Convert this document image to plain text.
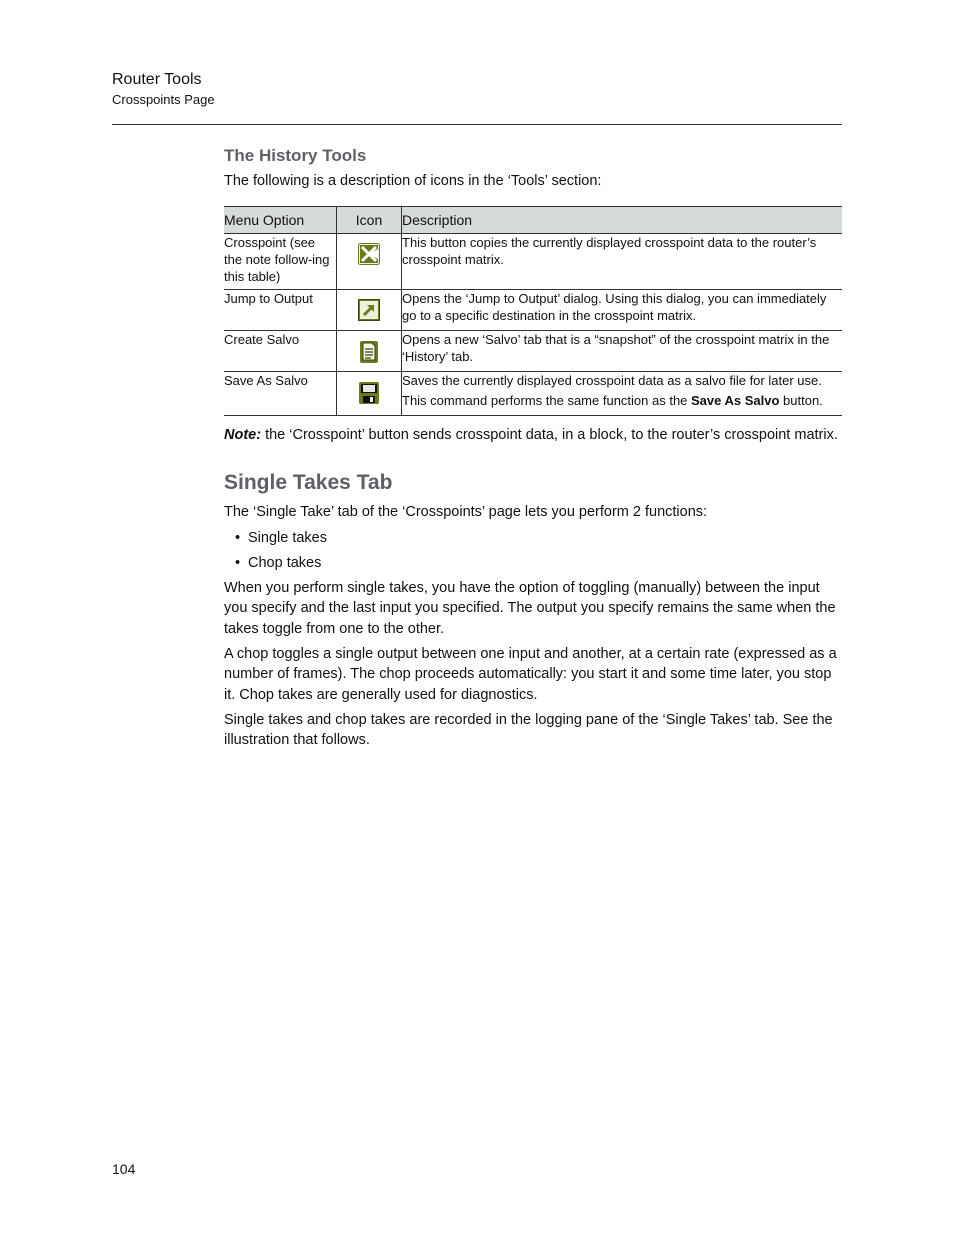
Router Tools
Crosspoints Page
The History Tools

The following is a description of icons in the ‘Tools’ section:

Menu Option	Icon	Description
Crosspoint (see the note follow-ing this table)		This button copies the currently displayed crosspoint data to the router’s crosspoint matrix.
Jump to Output		Opens the ‘Jump to Output’ dialog. Using this dialog, you can immediately go to a specific destination in the crosspoint matrix.
Create Salvo		Opens a new ‘Salvo’ tab that is a “snapshot” of the crosspoint matrix in the ‘History’ tab.
Save As Salvo		Saves the currently displayed crosspoint data as a salvo file for later use.
This command performs the same function as the Save As Salvo button.

Note: the ‘Crosspoint’ button sends crosspoint data, in a block, to the router’s crosspoint matrix.

Single Takes Tab

The ‘Single Take’ tab of the ‘Crosspoints’ page lets you perform 2 functions:

• Single takes
• Chop takes

When you perform single takes, you have the option of toggling (manually) between the input you specify and the last input you specified. The output you specify remains the same when the takes toggle from one to the other.

A chop toggles a single output between one input and another, at a certain rate (expressed as a number of frames). The chop proceeds automatically: you start it and some time later, you stop it. Chop takes are generally used for diagnostics.

Single takes and chop takes are recorded in the logging pane of the ‘Single Takes’ tab. See the illustration that follows.

104
